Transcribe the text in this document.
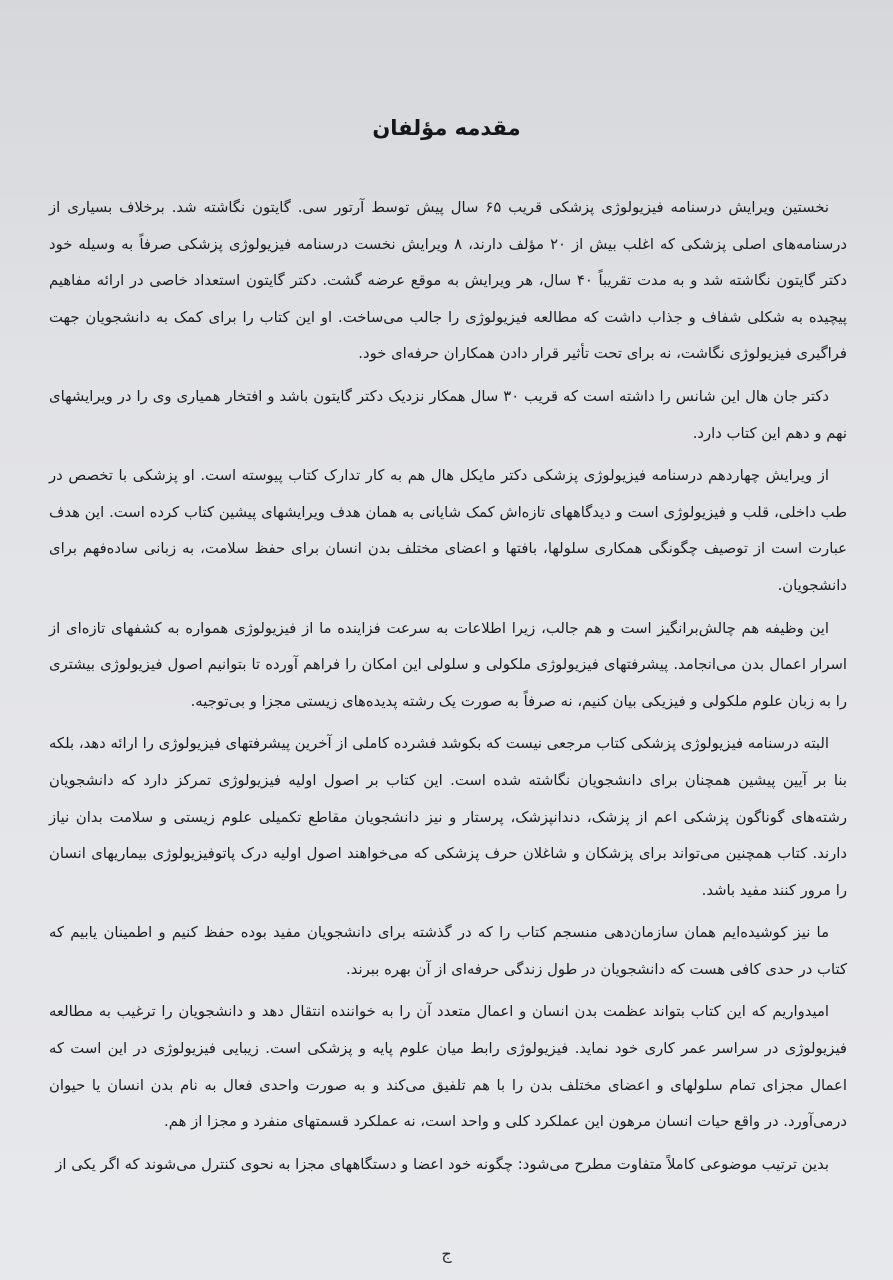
مقدمه مؤلفان

نخستین ویرایش درسنامه فیزیولوژی پزشکی قریب ۶۵ سال پیش توسط آرتور سی. گایتون نگاشته شد. برخلاف بسیاری از درسنامه‌های اصلی پزشکی که اغلب بیش از ۲۰ مؤلف دارند، ۸ ویرایش نخست درسنامه فیزیولوژی پزشکی صرفاً به وسیله خود دکتر گایتون نگاشته شد و به مدت تقریباً ۴۰ سال، هر ویرایش به موقع عرضه گشت. دکتر گایتون استعداد خاصی در ارائه مفاهیم پیچیده به شکلی شفاف و جذاب داشت که مطالعه فیزیولوژی را جالب می‌ساخت. او این کتاب را برای کمک به دانشجویان جهت فراگیری فیزیولوژی نگاشت، نه برای تحت تأثیر قرار دادن همکاران حرفه‌ای خود.

دکتر جان هال این شانس را داشته است که قریب ۳۰ سال همکار نزدیک دکتر گایتون باشد و افتخار همیاری وی را در ویرایشهای نهم و دهم این کتاب دارد.

از ویرایش چهاردهم درسنامه فیزیولوژی پزشکی دکتر مایکل هال هم به کار تدارک کتاب پیوسته است. او پزشکی با تخصص در طب داخلی، قلب و فیزیولوژی است و دیدگاههای تازه‌اش کمک شایانی به همان هدف ویرایشهای پیشین کتاب کرده است. این هدف عبارت است از توصیف چگونگی همکاری سلولها، بافتها و اعضای مختلف بدن انسان برای حفظ سلامت، به زبانی ساده‌فهم برای دانشجویان.

این وظیفه هم چالش‌برانگیز است و هم جالب، زیرا اطلاعات به سرعت فزاینده ما از فیزیولوژی همواره به کشفهای تازه‌ای از اسرار اعمال بدن می‌انجامد. پیشرفتهای فیزیولوژی ملکولی و سلولی این امکان را فراهم آورده تا بتوانیم اصول فیزیولوژی بیشتری را به زبان علوم ملکولی و فیزیکی بیان کنیم، نه صرفاً به صورت یک رشته پدیده‌های زیستی مجزا و بی‌توجیه.

البته درسنامه فیزیولوژی پزشکی کتاب مرجعی نیست که بکوشد فشرده کاملی از آخرین پیشرفتهای فیزیولوژی را ارائه دهد، بلکه بنا بر آیین پیشین همچنان برای دانشجویان نگاشته شده است. این کتاب بر اصول اولیه فیزیولوژی تمرکز دارد که دانشجویان رشته‌های گوناگون پزشکی اعم از پزشک، دندانپزشک، پرستار و نیز دانشجویان مقاطع تکمیلی علوم زیستی و سلامت بدان نیاز دارند. کتاب همچنین می‌تواند برای پزشکان و شاغلان حرف پزشکی که می‌خواهند اصول اولیه درک پاتوفیزیولوژی بیماریهای انسان را مرور کنند مفید باشد.

ما نیز کوشیده‌ایم همان سازمان‌دهی منسجم کتاب را که در گذشته برای دانشجویان مفید بوده حفظ کنیم و اطمینان یابیم که کتاب در حدی کافی هست که دانشجویان در طول زندگی حرفه‌ای از آن بهره ببرند.

امیدواریم که این کتاب بتواند عظمت بدن انسان و اعمال متعدد آن را به خواننده انتقال دهد و دانشجویان را ترغیب به مطالعه فیزیولوژی در سراسر عمر کاری خود نماید. فیزیولوژی رابط میان علوم پایه و پزشکی است. زیبایی فیزیولوژی در این است که اعمال مجزای تمام سلولهای و اعضای مختلف بدن را با هم تلفیق می‌کند و به صورت واحدی فعال به نام بدن انسان یا حیوان درمی‌آورد. در واقع حیات انسان مرهون این عملکرد کلی و واحد است، نه عملکرد قسمتهای منفرد و مجزا از هم.

بدین ترتیب موضوعی کاملاً متفاوت مطرح می‌شود: چگونه خود اعضا و دستگاههای مجزا به نحوی کنترل می‌شوند که اگر یکی از

ج
